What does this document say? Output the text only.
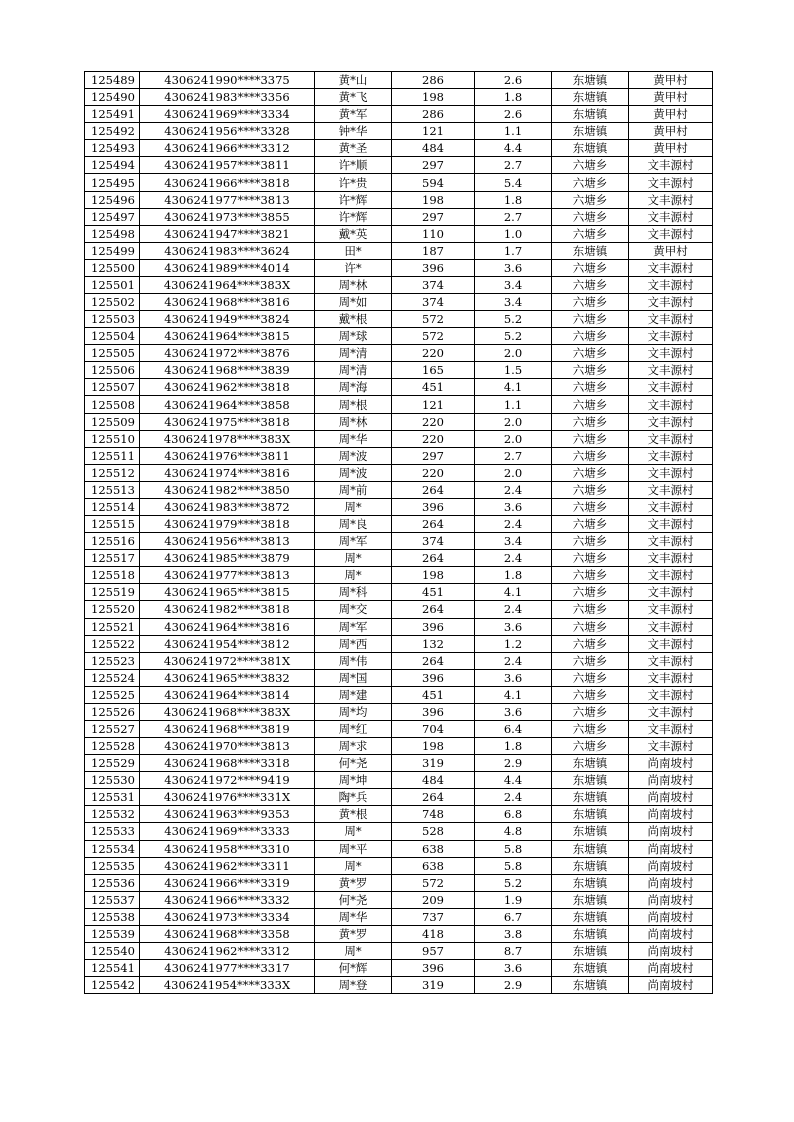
125489	4306241990****3375	黄*山	286	2.6	东塘镇	黄甲村
125490	4306241983****3356	黄*飞	198	1.8	东塘镇	黄甲村
125491	4306241969****3334	黄*军	286	2.6	东塘镇	黄甲村
125492	4306241956****3328	钟*华	121	1.1	东塘镇	黄甲村
125493	4306241966****3312	黄*圣	484	4.4	东塘镇	黄甲村
125494	4306241957****3811	许*顺	297	2.7	六塘乡	文丰源村
125495	4306241966****3818	许*贵	594	5.4	六塘乡	文丰源村
125496	4306241977****3813	许*辉	198	1.8	六塘乡	文丰源村
125497	4306241973****3855	许*辉	297	2.7	六塘乡	文丰源村
125498	4306241947****3821	戴*英	110	1.0	六塘乡	文丰源村
125499	4306241983****3624	田*	187	1.7	东塘镇	黄甲村
125500	4306241989****4014	许*	396	3.6	六塘乡	文丰源村
125501	4306241964****383X	周*林	374	3.4	六塘乡	文丰源村
125502	4306241968****3816	周*如	374	3.4	六塘乡	文丰源村
125503	4306241949****3824	戴*根	572	5.2	六塘乡	文丰源村
125504	4306241964****3815	周*球	572	5.2	六塘乡	文丰源村
125505	4306241972****3876	周*清	220	2.0	六塘乡	文丰源村
125506	4306241968****3839	周*清	165	1.5	六塘乡	文丰源村
125507	4306241962****3818	周*海	451	4.1	六塘乡	文丰源村
125508	4306241964****3858	周*根	121	1.1	六塘乡	文丰源村
125509	4306241975****3818	周*林	220	2.0	六塘乡	文丰源村
125510	4306241978****383X	周*华	220	2.0	六塘乡	文丰源村
125511	4306241976****3811	周*波	297	2.7	六塘乡	文丰源村
125512	4306241974****3816	周*波	220	2.0	六塘乡	文丰源村
125513	4306241982****3850	周*前	264	2.4	六塘乡	文丰源村
125514	4306241983****3872	周*	396	3.6	六塘乡	文丰源村
125515	4306241979****3818	周*良	264	2.4	六塘乡	文丰源村
125516	4306241956****3813	周*军	374	3.4	六塘乡	文丰源村
125517	4306241985****3879	周*	264	2.4	六塘乡	文丰源村
125518	4306241977****3813	周*	198	1.8	六塘乡	文丰源村
125519	4306241965****3815	周*科	451	4.1	六塘乡	文丰源村
125520	4306241982****3818	周*交	264	2.4	六塘乡	文丰源村
125521	4306241964****3816	周*军	396	3.6	六塘乡	文丰源村
125522	4306241954****3812	周*西	132	1.2	六塘乡	文丰源村
125523	4306241972****381X	周*伟	264	2.4	六塘乡	文丰源村
125524	4306241965****3832	周*国	396	3.6	六塘乡	文丰源村
125525	4306241964****3814	周*建	451	4.1	六塘乡	文丰源村
125526	4306241968****383X	周*均	396	3.6	六塘乡	文丰源村
125527	4306241968****3819	周*红	704	6.4	六塘乡	文丰源村
125528	4306241970****3813	周*求	198	1.8	六塘乡	文丰源村
125529	4306241968****3318	何*尧	319	2.9	东塘镇	尚南坡村
125530	4306241972****9419	周*坤	484	4.4	东塘镇	尚南坡村
125531	4306241976****331X	陶*兵	264	2.4	东塘镇	尚南坡村
125532	4306241963****9353	黄*根	748	6.8	东塘镇	尚南坡村
125533	4306241969****3333	周*	528	4.8	东塘镇	尚南坡村
125534	4306241958****3310	周*平	638	5.8	东塘镇	尚南坡村
125535	4306241962****3311	周*	638	5.8	东塘镇	尚南坡村
125536	4306241966****3319	黄*罗	572	5.2	东塘镇	尚南坡村
125537	4306241966****3332	何*尧	209	1.9	东塘镇	尚南坡村
125538	4306241973****3334	周*华	737	6.7	东塘镇	尚南坡村
125539	4306241968****3358	黄*罗	418	3.8	东塘镇	尚南坡村
125540	4306241962****3312	周*	957	8.7	东塘镇	尚南坡村
125541	4306241977****3317	何*辉	396	3.6	东塘镇	尚南坡村
125542	4306241954****333X	周*登	319	2.9	东塘镇	尚南坡村
